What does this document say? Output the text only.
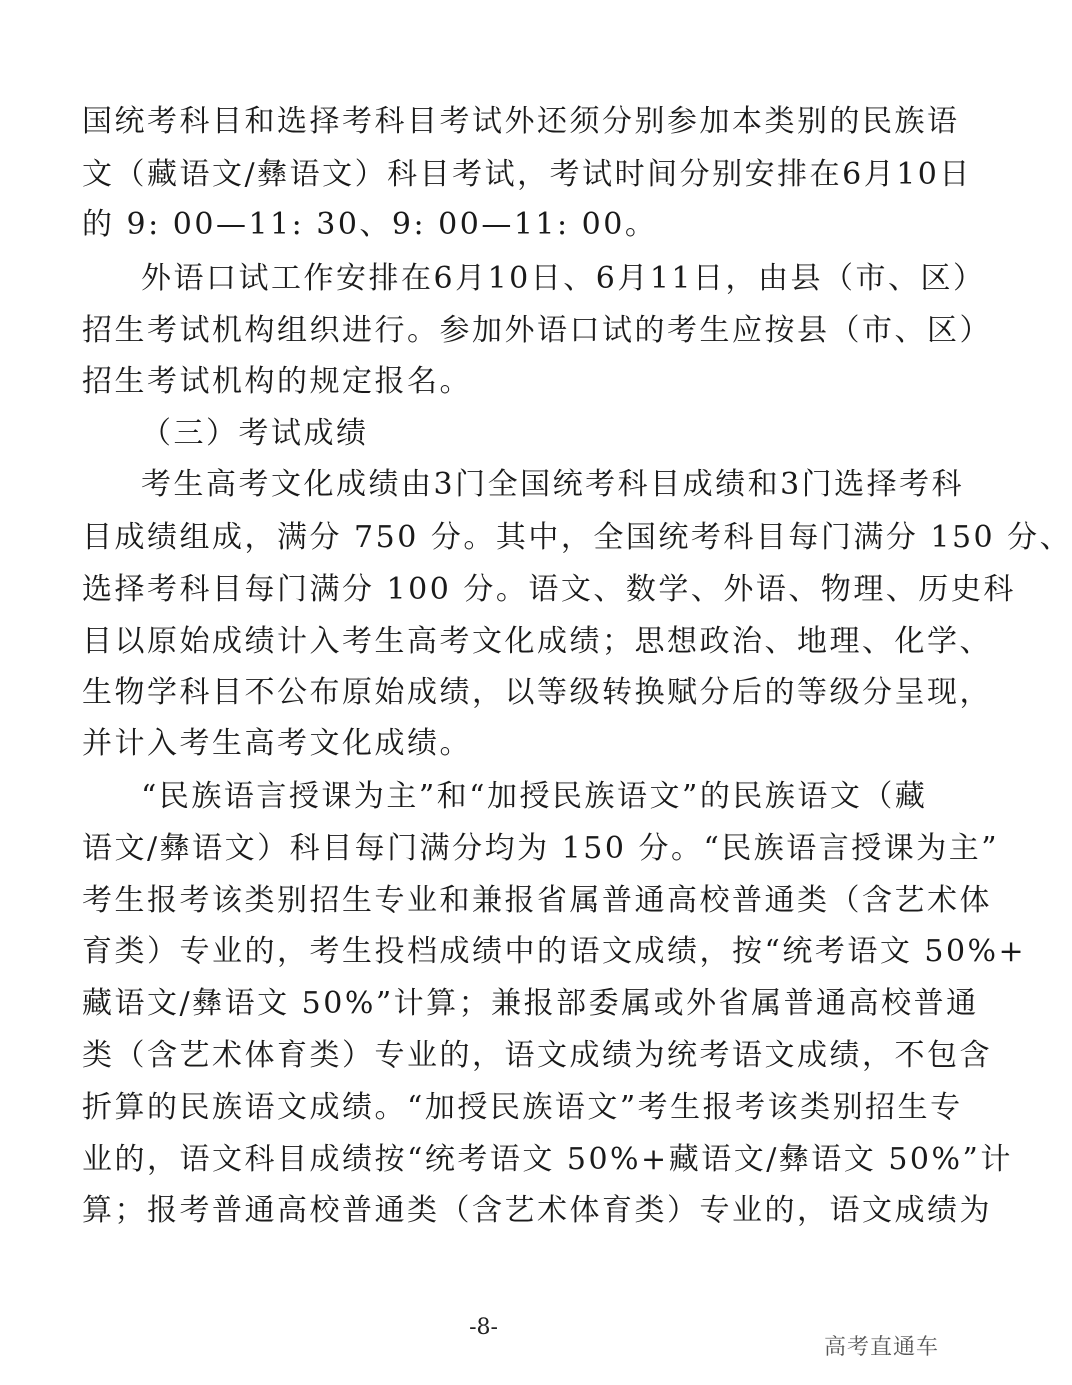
国统考科目和选择考科目考试外还须分别参加本类别的民族语
文（藏语文/彝语文）科目考试，考试时间分别安排在6月10日
的 9: 00—11: 30、9: 00—11: 00。
外语口试工作安排在6月10日、6月11日，由县（市、区）
招生考试机构组织进行。参加外语口试的考生应按县（市、区）
招生考试机构的规定报名。
（三）考试成绩
考生高考文化成绩由3门全国统考科目成绩和3门选择考科
目成绩组成，满分 750 分。其中，全国统考科目每门满分 150 分、
选择考科目每门满分 100 分。语文、数学、外语、物理、历史科
目以原始成绩计入考生高考文化成绩；思想政治、地理、化学、
生物学科目不公布原始成绩，以等级转换赋分后的等级分呈现，
并计入考生高考文化成绩。
“民族语言授课为主”和“加授民族语文”的民族语文（藏
语文/彝语文）科目每门满分均为 150 分。“民族语言授课为主”
考生报考该类别招生专业和兼报省属普通高校普通类（含艺术体
育类）专业的，考生投档成绩中的语文成绩，按“统考语文 50%+
藏语文/彝语文 50%”计算；兼报部委属或外省属普通高校普通
类（含艺术体育类）专业的，语文成绩为统考语文成绩，不包含
折算的民族语文成绩。“加授民族语文”考生报考该类别招生专
业的，语文科目成绩按“统考语文 50%+藏语文/彝语文 50%”计
算；报考普通高校普通类（含艺术体育类）专业的，语文成绩为
-8-
高考直通车
